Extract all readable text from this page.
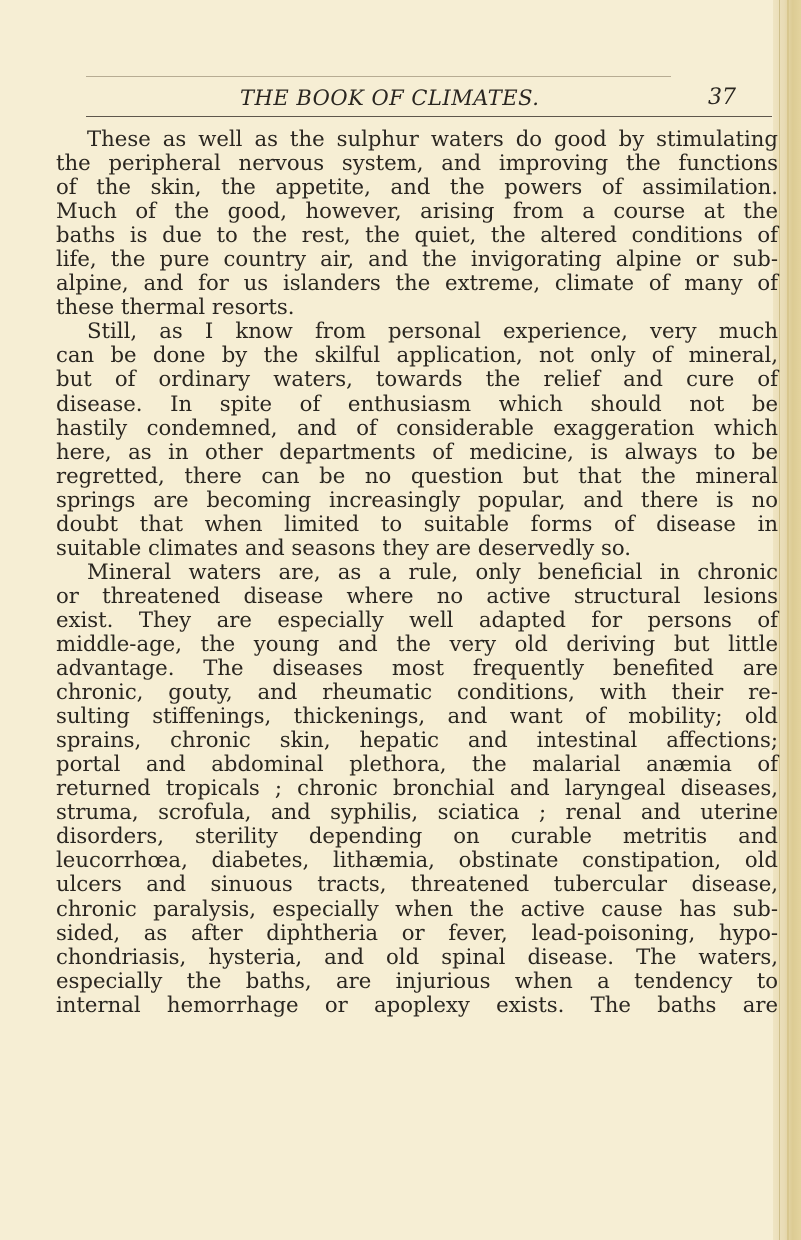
THE BOOK OF CLIMATES.	37
These as well as the sulphur waters do good by stimulating
the peripheral nervous system, and improving the functions
of the skin, the appetite, and the powers of assimilation.
Much of the good, however, arising from a course at the
baths is due to the rest, the quiet, the altered conditions of
life, the pure country air, and the invigorating alpine or sub-
alpine, and for us islanders the extreme, climate of many of
these thermal resorts.
Still, as I know from personal experience, very much
can be done by the skilful application, not only of mineral,
but of ordinary waters, towards the relief and cure of
disease. In spite of enthusiasm which should not be
hastily condemned, and of considerable exaggeration which
here, as in other departments of medicine, is always to be
regretted, there can be no question but that the mineral
springs are becoming increasingly popular, and there is no
doubt that when limited to suitable forms of disease in
suitable climates and seasons they are deservedly so.
Mineral waters are, as a rule, only beneficial in chronic
or threatened disease where no active structural lesions
exist. They are especially well adapted for persons of
middle-age, the young and the very old deriving but little
advantage. The diseases most frequently benefited are
chronic, gouty, and rheumatic conditions, with their re-
sulting stiffenings, thickenings, and want of mobility; old
sprains, chronic skin, hepatic and intestinal affections;
portal and abdominal plethora, the malarial anæmia of
returned tropicals ; chronic bronchial and laryngeal diseases,
struma, scrofula, and syphilis, sciatica ; renal and uterine
disorders, sterility depending on curable metritis and
leucorrhœa, diabetes, lithæmia, obstinate constipation, old
ulcers and sinuous tracts, threatened tubercular disease,
chronic paralysis, especially when the active cause has sub-
sided, as after diphtheria or fever, lead-poisoning, hypo-
chondriasis, hysteria, and old spinal disease. The waters,
especially the baths, are injurious when a tendency to
internal hemorrhage or apoplexy exists. The baths are
